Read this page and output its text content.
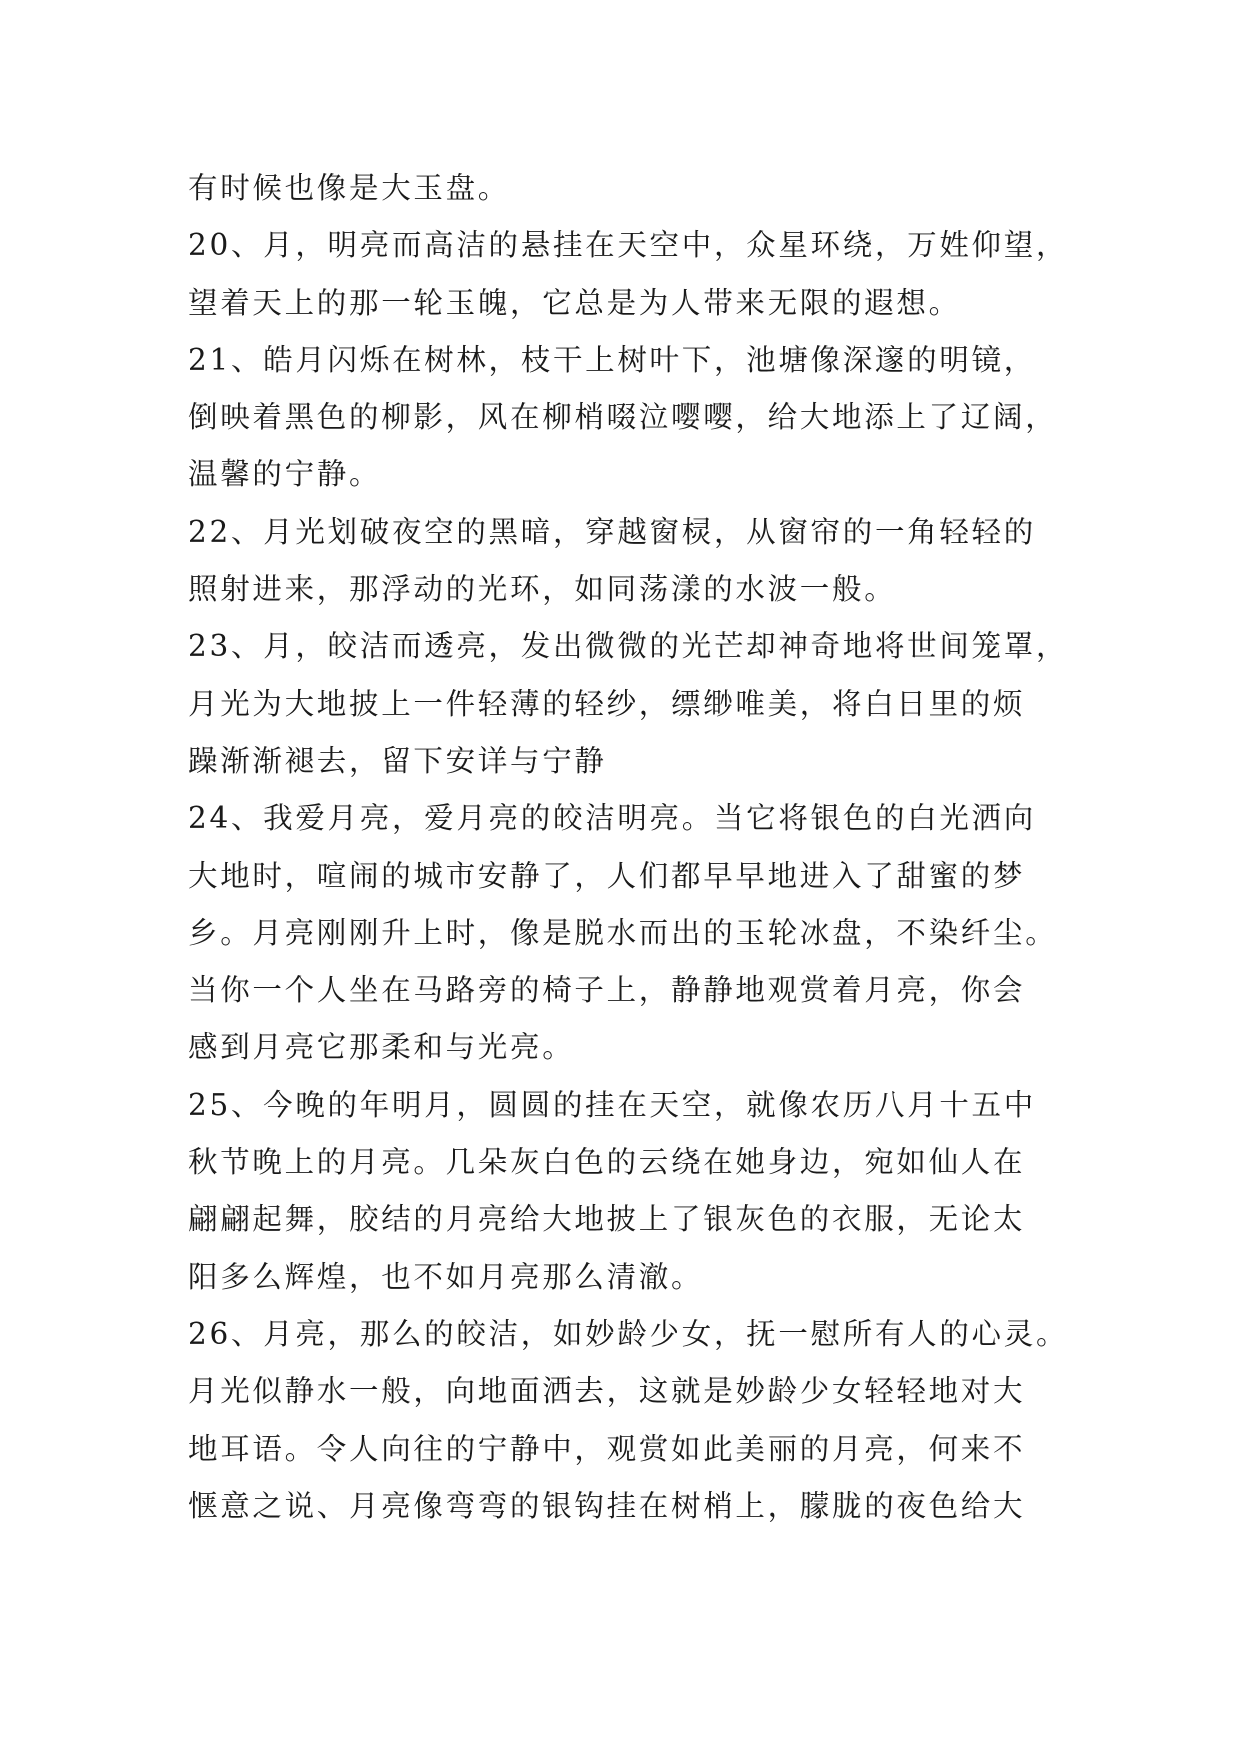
有时候也像是大玉盘。
20、月，明亮而高洁的悬挂在天空中，众星环绕，万姓仰望，
望着天上的那一轮玉魄，它总是为人带来无限的遐想。
21、皓月闪烁在树林，枝干上树叶下，池塘像深邃的明镜，
倒映着黑色的柳影，风在柳梢啜泣嘤嘤，给大地添上了辽阔，
温馨的宁静。
22、月光划破夜空的黑暗，穿越窗棂，从窗帘的一角轻轻的
照射进来，那浮动的光环，如同荡漾的水波一般。
23、月，皎洁而透亮，发出微微的光芒却神奇地将世间笼罩，
月光为大地披上一件轻薄的轻纱，缥缈唯美，将白日里的烦
躁渐渐褪去，留下安详与宁静
24、我爱月亮，爱月亮的皎洁明亮。当它将银色的白光洒向
大地时，喧闹的城市安静了，人们都早早地进入了甜蜜的梦
乡。月亮刚刚升上时，像是脱水而出的玉轮冰盘，不染纤尘。
当你一个人坐在马路旁的椅子上，静静地观赏着月亮，你会
感到月亮它那柔和与光亮。
25、今晚的年明月，圆圆的挂在天空，就像农历八月十五中
秋节晚上的月亮。几朵灰白色的云绕在她身边，宛如仙人在
翩翩起舞，胶结的月亮给大地披上了银灰色的衣服，无论太
阳多么辉煌，也不如月亮那么清澈。
26、月亮，那么的皎洁，如妙龄少女，抚一慰所有人的心灵。
月光似静水一般，向地面洒去，这就是妙龄少女轻轻地对大
地耳语。令人向往的宁静中，观赏如此美丽的月亮，何来不
惬意之说、月亮像弯弯的银钩挂在树梢上，朦胧的夜色给大
